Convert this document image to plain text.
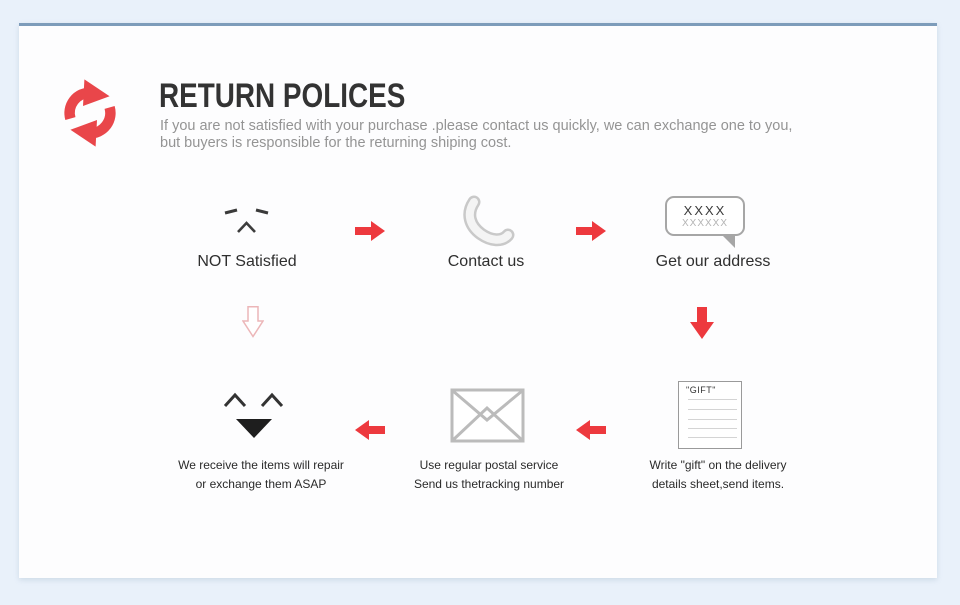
RETURN POLICES
If you are not satisfied with your purchase .please contact us quickly, we can exchange one to you,
but buyers is responsible for the returning shiping cost.
NOT Satisfied	Contact us
XXXX
XXXXXX
Get our address
We receive the items will repair
or exchange them ASAP
Use regular postal service
Send us thetracking number
"GIFT"
Write "gift" on the delivery
details sheet,send items.
